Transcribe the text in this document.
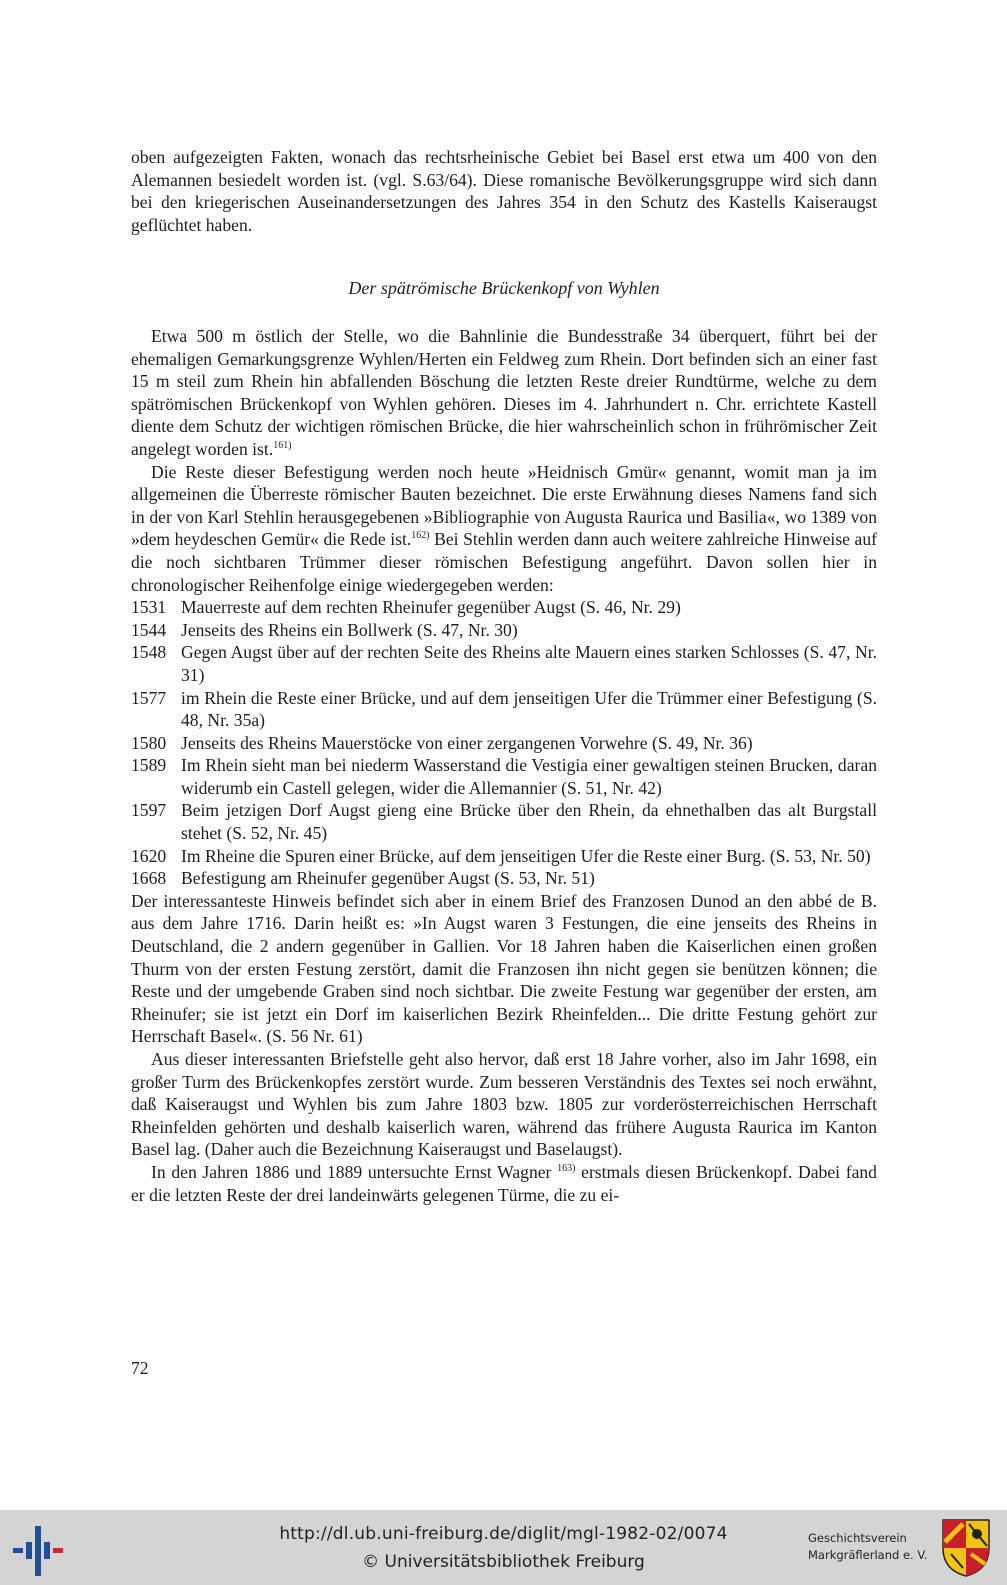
oben aufgezeigten Fakten, wonach das rechtsrheinische Gebiet bei Basel erst etwa um 400 von den Alemannen besiedelt worden ist. (vgl. S.63/64). Diese romanische Bevölkerungsgruppe wird sich dann bei den kriegerischen Auseinandersetzungen des Jahres 354 in den Schutz des Kastells Kaiseraugst geflüchtet haben.

Der spätrömische Brückenkopf von Wyhlen

Etwa 500 m östlich der Stelle, wo die Bahnlinie die Bundesstraße 34 überquert, führt bei der ehemaligen Gemarkungsgrenze Wyhlen/Herten ein Feldweg zum Rhein. Dort befinden sich an einer fast 15 m steil zum Rhein hin abfallenden Böschung die letzten Reste dreier Rundtürme, welche zu dem spätrömischen Brückenkopf von Wyhlen gehören. Dieses im 4. Jahrhundert n. Chr. errichtete Kastell diente dem Schutz der wichtigen römischen Brücke, die hier wahrscheinlich schon in frührömischer Zeit angelegt worden ist.$^{161)}$

Die Reste dieser Befestigung werden noch heute »Heidnisch Gmür« genannt, womit man ja im allgemeinen die Überreste römischer Bauten bezeichnet. Die erste Erwähnung dieses Namens fand sich in der von Karl Stehlin herausgegebenen »Bibliographie von Augusta Raurica und Basilia«, wo 1389 von »dem heydeschen Gemür« die Rede ist.$^{162)}$ Bei Stehlin werden dann auch weitere zahlreiche Hinweise auf die noch sichtbaren Trümmer dieser römischen Befestigung angeführt. Davon sollen hier in chronologischer Reihenfolge einige wiedergegeben werden:

1531 Mauerreste auf dem rechten Rheinufer gegenüber Augst (S. 46, Nr. 29)
1544 Jenseits des Rheins ein Bollwerk (S. 47, Nr. 30)
1548 Gegen Augst über auf der rechten Seite des Rheins alte Mauern eines starken Schlosses (S. 47, Nr. 31)
1577 im Rhein die Reste einer Brücke, und auf dem jenseitigen Ufer die Trümmer einer Befestigung (S. 48, Nr. 35a)
1580 Jenseits des Rheins Mauerstöcke von einer zergangenen Vorwehre (S. 49, Nr. 36)
1589 Im Rhein sieht man bei niederm Wasserstand die Vestigia einer gewaltigen steinen Brucken, daran widerumb ein Castell gelegen, wider die Allemannier (S. 51, Nr. 42)
1597 Beim jetzigen Dorf Augst gieng eine Brücke über den Rhein, da ehnethalben das alt Burgstall stehet (S. 52, Nr. 45)
1620 Im Rheine die Spuren einer Brücke, auf dem jenseitigen Ufer die Reste einer Burg. (S. 53, Nr. 50)
1668 Befestigung am Rheinufer gegenüber Augst (S. 53, Nr. 51)

Der interessanteste Hinweis befindet sich aber in einem Brief des Franzosen Dunod an den abbé de B. aus dem Jahre 1716. Darin heißt es: »In Augst waren 3 Festungen, die eine jenseits des Rheins in Deutschland, die 2 andern gegenüber in Gallien. Vor 18 Jahren haben die Kaiserlichen einen großen Thurm von der ersten Festung zerstört, damit die Franzosen ihn nicht gegen sie benützen können; die Reste und der umgebende Graben sind noch sichtbar. Die zweite Festung war gegenüber der ersten, am Rheinufer; sie ist jetzt ein Dorf im kaiserlichen Bezirk Rheinfelden... Die dritte Festung gehört zur Herrschaft Basel«. (S. 56 Nr. 61)

Aus dieser interessanten Briefstelle geht also hervor, daß erst 18 Jahre vorher, also im Jahr 1698, ein großer Turm des Brückenkopfes zerstört wurde. Zum besseren Verständnis des Textes sei noch erwähnt, daß Kaiseraugst und Wyhlen bis zum Jahre 1803 bzw. 1805 zur vorderösterreichischen Herrschaft Rheinfelden gehörten und deshalb kaiserlich waren, während das frühere Augusta Raurica im Kanton Basel lag. (Daher auch die Bezeichnung Kaiseraugst und Baselaugst).

In den Jahren 1886 und 1889 untersuchte Ernst Wagner $^{163)}$ erstmals diesen Brückenkopf. Dabei fand er die letzten Reste der drei landeinwärts gelegenen Türme, die zu ei-

72
http://dl.ub.uni-freiburg.de/diglit/mgl-1982-02/0074
© Universitätsbibliothek Freiburg
Geschichtsverein
Markgräflerland e. V.
